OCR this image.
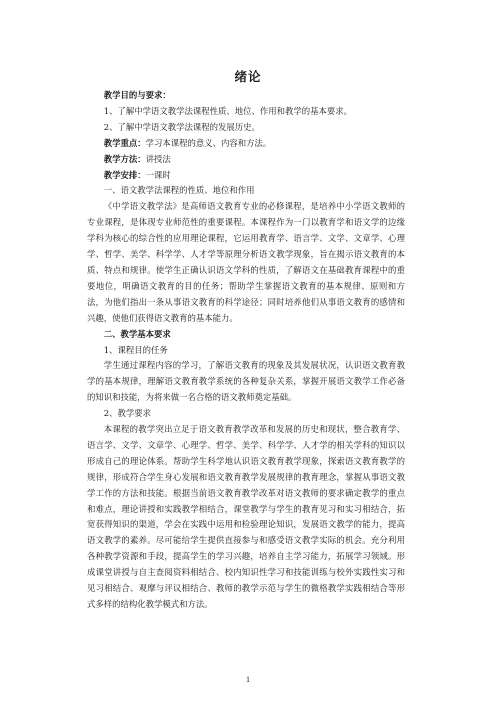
绪论

教学目的与要求：

1、了解中学语文教学法课程性质、地位、作用和教学的基本要求。

2、了解中学语文教学法课程的发展历史。

教学重点：学习本课程的意义、内容和方法。

教学方法：讲授法

教学安排：一课时

一、语文教学法课程的性质、地位和作用

《中学语文教学法》是高师语文教育专业的必修课程，是培养中小学语文教师的专业课程，是体现专业师范性的重要课程。本课程作为一门以教育学和语文学的边缘学科为核心的综合性的应用理论课程，它运用教育学、语言学、文学、文章学、心理学、哲学、美学、科学学、人才学等原理分析语文教学现象，旨在揭示语文教育的本质、特点和规律。使学生正确认识语文学科的性质，了解语文在基础教育课程中的重要地位，明确语文教育的目的任务；帮助学生掌握语文教育的基本规律、原则和方法，为他们指出一条从事语文教育的科学途径；同时培养他们从事语文教育的感情和兴趣，使他们获得语文教育的基本能力。

二、教学基本要求

1、课程目的任务

学生通过课程内容的学习，了解语文教育的现象及其发展状况，认识语文教育教学的基本规律，理解语文教育教学系统的各种复杂关系，掌握开展语文教学工作必备的知识和技能，为将来做一名合格的语文教师奠定基础。

2、教学要求

本课程的教学突出立足于语文教育教学改革和发展的历史和现状，整合教育学、语言学、文学、文章学、心理学、哲学、美学、科学学、人才学的相关学科的知识以形成自己的理论体系。帮助学生科学地认识语文教育教学现象，探索语文教育教学的规律，形成符合学生身心发展和语文教育教学发展规律的教育理念，掌握从事语文教学工作的方法和技能。根据当前语文教育教学改革对语文教师的要求确定教学的重点和难点，理论讲授和实践教学相结合，课堂教学与学生的教育见习和实习相结合，拓宽获得知识的渠道，学会在实践中运用和检验理论知识，发展语文教学的能力，提高语文教学的素养。尽可能给学生提供直接参与和感受语文教学实际的机会。充分利用各种教学资源和手段，提高学生的学习兴趣，培养自主学习能力，拓展学习领域。形成课堂讲授与自主查阅资料相结合、校内知识性学习和技能训练与校外实践性实习和见习相结合、观摩与评议相结合、教师的教学示范与学生的微格教学实践相结合等形式多样的结构化教学模式和方法。

1
